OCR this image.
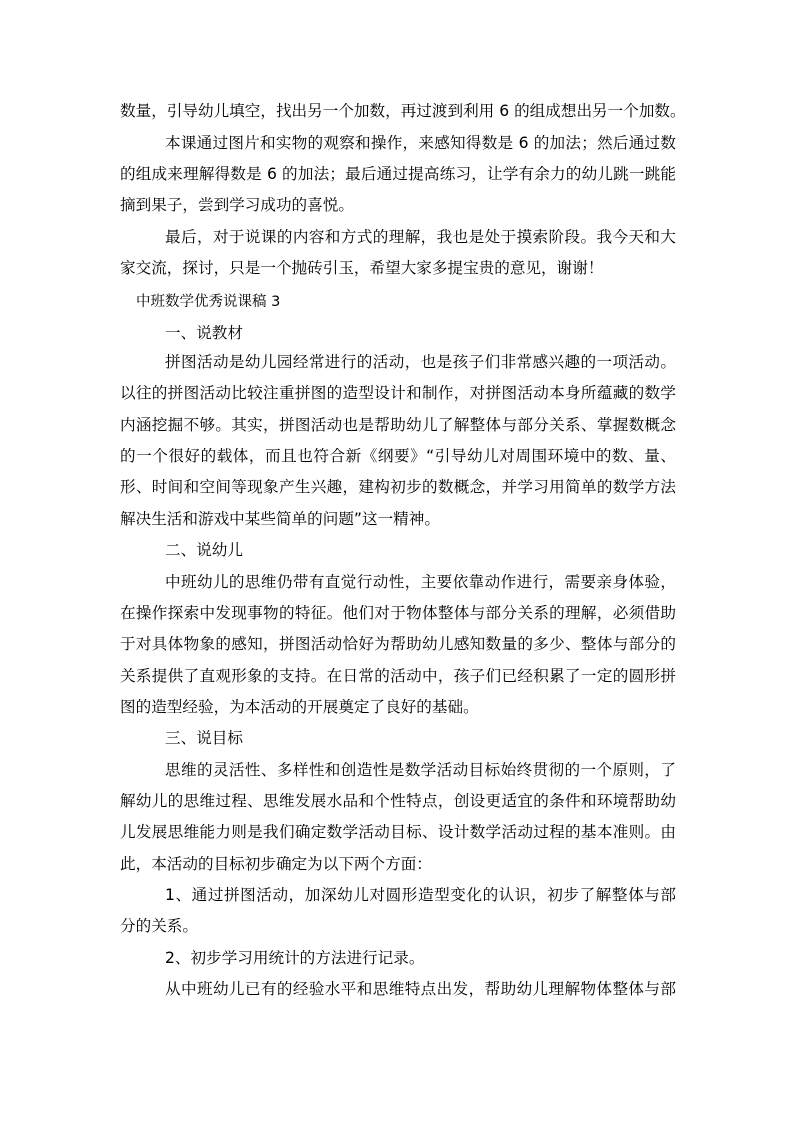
数量，引导幼儿填空，找出另一个加数，再过渡到利用 6 的组成想出另一个加数。
本课通过图片和实物的观察和操作，来感知得数是 6 的加法；然后通过数
的组成来理解得数是 6 的加法；最后通过提高练习，让学有余力的幼儿跳一跳能
摘到果子，尝到学习成功的喜悦。
最后，对于说课的内容和方式的理解，我也是处于摸索阶段。我今天和大
家交流，探讨，只是一个抛砖引玉，希望大家多提宝贵的意见，谢谢！
中班数学优秀说课稿 3
一、说教材
拼图活动是幼儿园经常进行的活动，也是孩子们非常感兴趣的一项活动。
以往的拼图活动比较注重拼图的造型设计和制作，对拼图活动本身所蕴藏的数学
内涵挖掘不够。其实，拼图活动也是帮助幼儿了解整体与部分关系、掌握数概念
的一个很好的载体，而且也符合新《纲要》“引导幼儿对周围环境中的数、量、
形、时间和空间等现象产生兴趣，建构初步的数概念，并学习用简单的数学方法
解决生活和游戏中某些简单的问题”这一精神。
二、说幼儿
中班幼儿的思维仍带有直觉行动性，主要依靠动作进行，需要亲身体验，
在操作探索中发现事物的特征。他们对于物体整体与部分关系的理解，必须借助
于对具体物象的感知，拼图活动恰好为帮助幼儿感知数量的多少、整体与部分的
关系提供了直观形象的支持。在日常的活动中，孩子们已经积累了一定的圆形拼
图的造型经验，为本活动的开展奠定了良好的基础。
三、说目标
思维的灵活性、多样性和创造性是数学活动目标始终贯彻的一个原则，了
解幼儿的思维过程、思维发展水品和个性特点，创设更适宜的条件和环境帮助幼
儿发展思维能力则是我们确定数学活动目标、设计数学活动过程的基本准则。由
此，本活动的目标初步确定为以下两个方面：
1、通过拼图活动，加深幼儿对圆形造型变化的认识，初步了解整体与部
分的关系。
2、初步学习用统计的方法进行记录。
从中班幼儿已有的经验水平和思维特点出发，帮助幼儿理解物体整体与部
